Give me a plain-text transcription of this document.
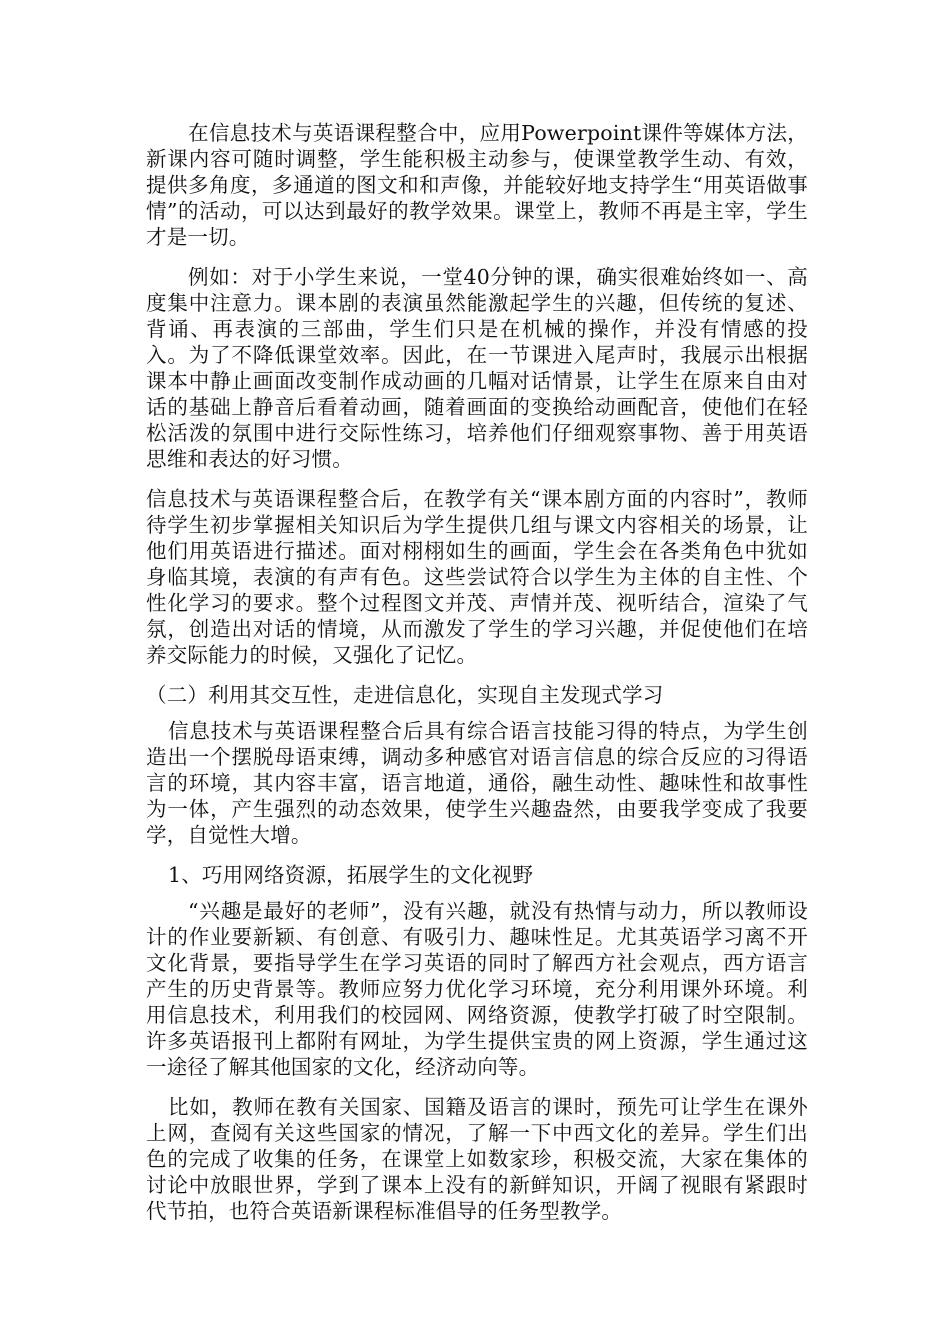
在信息技术与英语课程整合中，应用Powerpoint课件等媒体方法，新课内容可随时调整，学生能积极主动参与，使课堂教学生动、有效，提供多角度，多通道的图文和和声像，并能较好地支持学生“用英语做事情”的活动，可以达到最好的教学效果。课堂上，教师不再是主宰，学生才是一切。

例如：对于小学生来说，一堂40分钟的课，确实很难始终如一、高度集中注意力。课本剧的表演虽然能激起学生的兴趣，但传统的复述、背诵、再表演的三部曲，学生们只是在机械的操作，并没有情感的投入。为了不降低课堂效率。因此，在一节课进入尾声时，我展示出根据课本中静止画面改变制作成动画的几幅对话情景，让学生在原来自由对话的基础上静音后看着动画，随着画面的变换给动画配音，使他们在轻松活泼的氛围中进行交际性练习，培养他们仔细观察事物、善于用英语思维和表达的好习惯。

信息技术与英语课程整合后，在教学有关“课本剧方面的内容时”，教师待学生初步掌握相关知识后为学生提供几组与课文内容相关的场景，让他们用英语进行描述。面对栩栩如生的画面，学生会在各类角色中犹如身临其境，表演的有声有色。这些尝试符合以学生为主体的自主性、个性化学习的要求。整个过程图文并茂、声情并茂、视听结合，渲染了气氛，创造出对话的情境，从而激发了学生的学习兴趣，并促使他们在培养交际能力的时候，又强化了记忆。

（二）利用其交互性，走进信息化，实现自主发现式学习

信息技术与英语课程整合后具有综合语言技能习得的特点，为学生创造出一个摆脱母语束缚，调动多种感官对语言信息的综合反应的习得语言的环境，其内容丰富，语言地道，通俗，融生动性、趣味性和故事性为一体，产生强烈的动态效果，使学生兴趣盎然，由要我学变成了我要学，自觉性大增。

1、巧用网络资源，拓展学生的文化视野

“兴趣是最好的老师”，没有兴趣，就没有热情与动力，所以教师设计的作业要新颖、有创意、有吸引力、趣味性足。尤其英语学习离不开文化背景，要指导学生在学习英语的同时了解西方社会观点，西方语言产生的历史背景等。教师应努力优化学习环境，充分利用课外环境。利用信息技术，利用我们的校园网、网络资源，使教学打破了时空限制。许多英语报刊上都附有网址，为学生提供宝贵的网上资源，学生通过这一途径了解其他国家的文化，经济动向等。

比如，教师在教有关国家、国籍及语言的课时，预先可让学生在课外上网，查阅有关这些国家的情况，了解一下中西文化的差异。学生们出色的完成了收集的任务，在课堂上如数家珍，积极交流，大家在集体的讨论中放眼世界，学到了课本上没有的新鲜知识，开阔了视眼有紧跟时代节拍，也符合英语新课程标准倡导的任务型教学。
